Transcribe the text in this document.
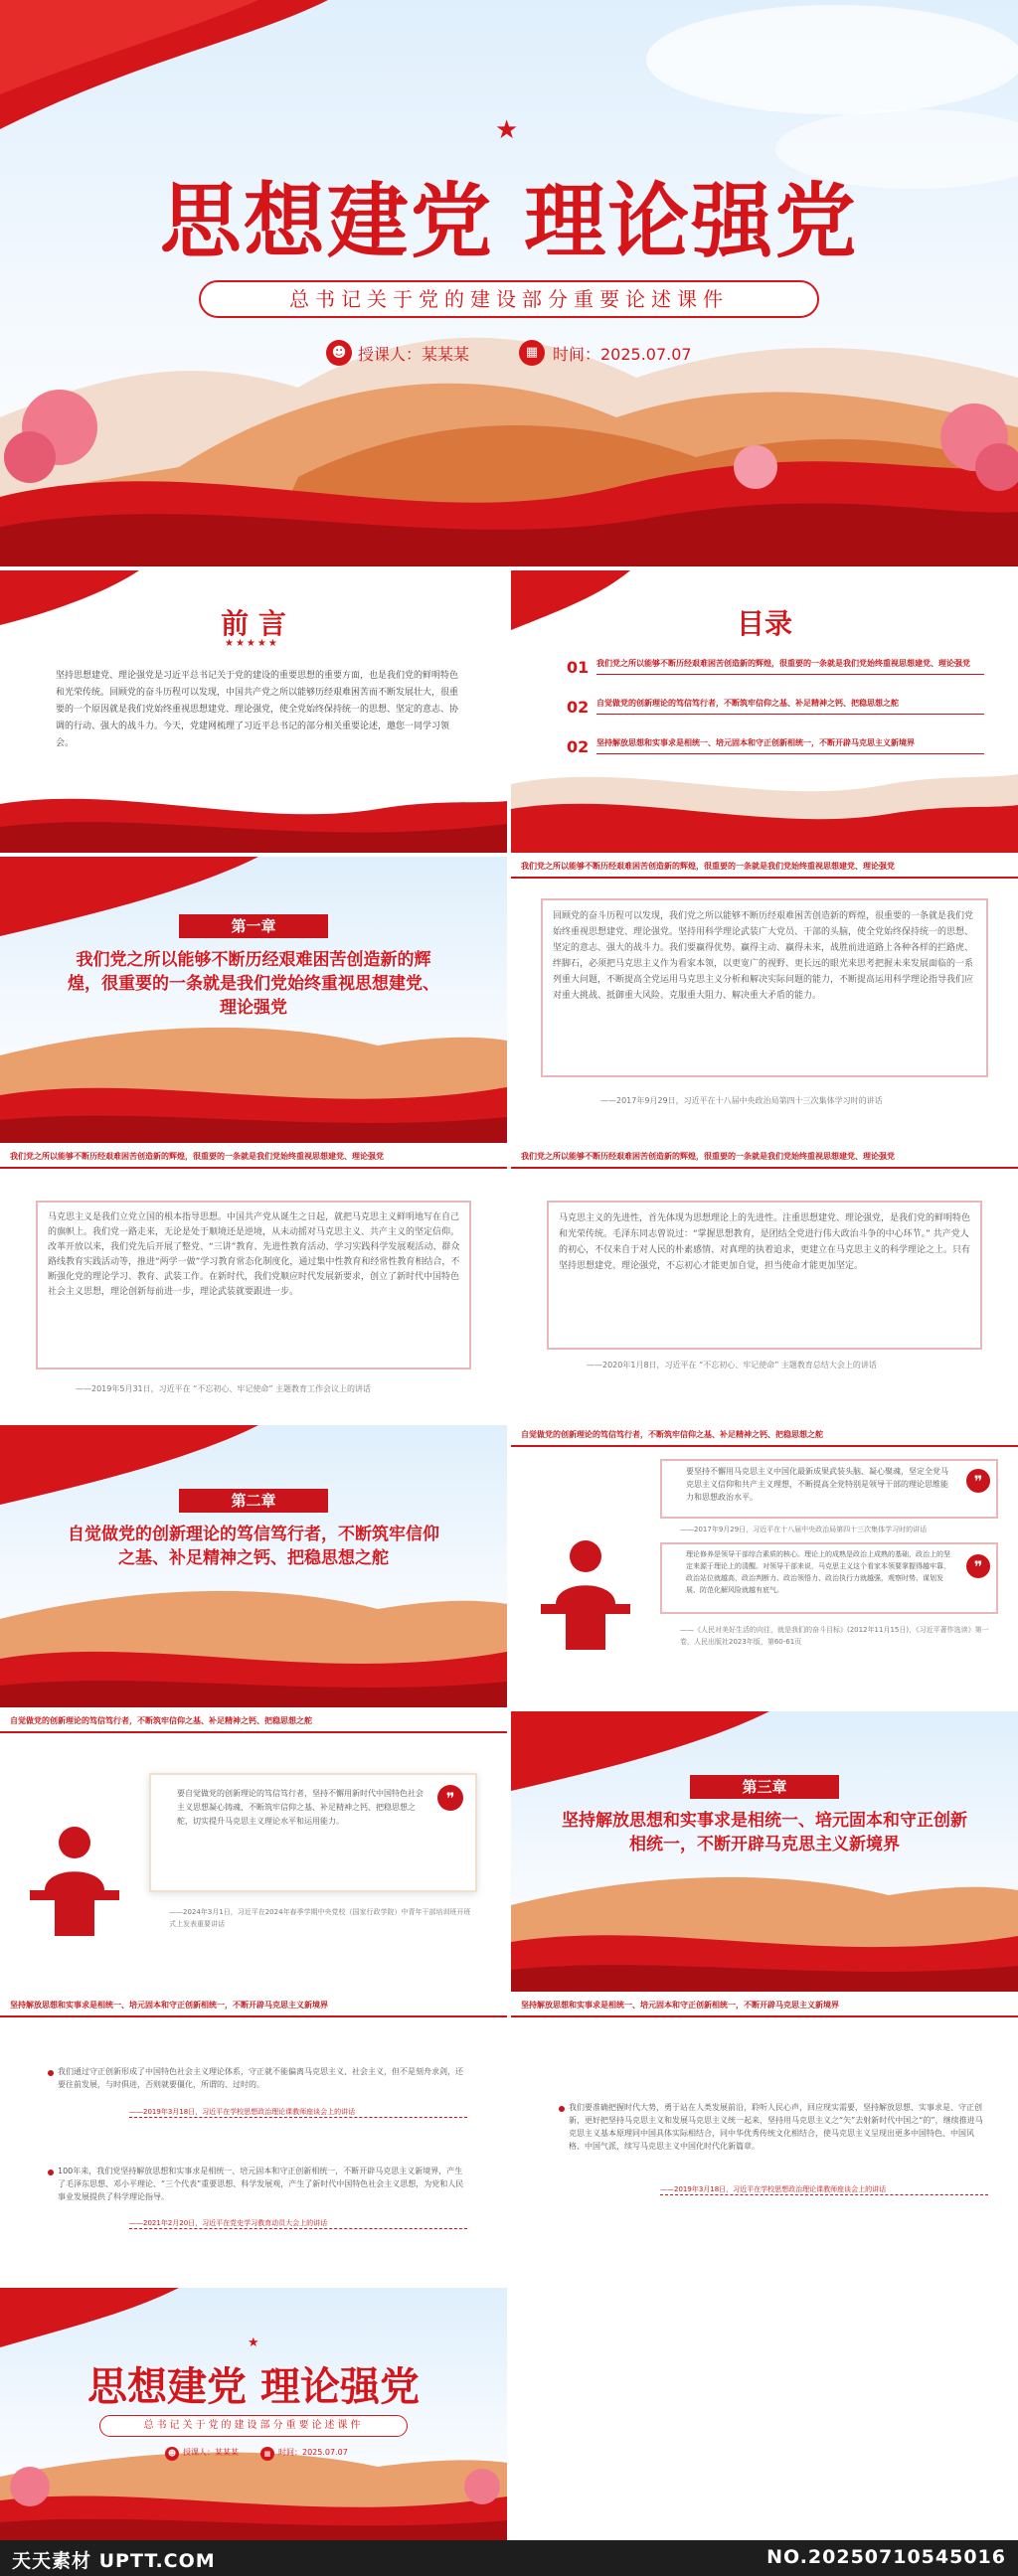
★
思想建党 理论强党
总书记关于党的建设部分重要论述课件
☻ 授课人：某某某	▦ 时间：2025.07.07
前 言
★★★★★
坚持思想建党、理论强党是习近平总书记关于党的建设的重要思想的重要方面，也是我们党的鲜明特色和光荣传统。回顾党的奋斗历程可以发现，中国共产党之所以能够历经艰难困苦而不断发展壮大，很重要的一个原因就是我们党始终重视思想建党、理论强党，使全党始终保持统一的思想、坚定的意志、协调的行动、强大的战斗力。今天，党建网梳理了习近平总书记的部分相关重要论述，邀您一同学习领会。
目录
01 我们党之所以能够不断历经艰难困苦创造新的辉煌，很重要的一条就是我们党始终重视思想建党、理论强党
02 自觉做党的创新理论的笃信笃行者，不断筑牢信仰之基、补足精神之钙、把稳思想之舵
02 坚持解放思想和实事求是相统一、培元固本和守正创新相统一，不断开辟马克思主义新境界
第一章
我们党之所以能够不断历经艰难困苦创造新的辉煌，很重要的一条就是我们党始终重视思想建党、理论强党
我们党之所以能够不断历经艰难困苦创造新的辉煌，很重要的一条就是我们党始终重视思想建党、理论强党
回顾党的奋斗历程可以发现，我们党之所以能够不断历经艰难困苦创造新的辉煌，很重要的一条就是我们党始终重视思想建党、理论强党。坚持用科学理论武装广大党员、干部的头脑，使全党始终保持统一的思想、坚定的意志、强大的战斗力。我们要赢得优势、赢得主动、赢得未来，战胜前进道路上各种各样的拦路虎、绊脚石，必须把马克思主义作为看家本领，以更宽广的视野、更长远的眼光来思考把握未来发展面临的一系列重大问题，不断提高全党运用马克思主义分析和解决实际问题的能力，不断提高运用科学理论指导我们应对重大挑战、抵御重大风险、克服重大阻力、解决重大矛盾的能力。
——2017年9月29日，习近平在十八届中央政治局第四十三次集体学习时的讲话
我们党之所以能够不断历经艰难困苦创造新的辉煌，很重要的一条就是我们党始终重视思想建党、理论强党
马克思主义是我们立党立国的根本指导思想。中国共产党从诞生之日起，就把马克思主义鲜明地写在自己的旗帜上。我们党一路走来，无论是处于顺境还是逆境，从未动摇对马克思主义、共产主义的坚定信仰。改革开放以来，我们党先后开展了整党、“三讲”教育、先进性教育活动、学习实践科学发展观活动、群众路线教育实践活动等，推进“两学一做”学习教育常态化制度化，通过集中性教育和经常性教育相结合，不断强化党的理论学习、教育、武装工作。在新时代，我们党顺应时代发展新要求，创立了新时代中国特色社会主义思想，理论创新每前进一步，理论武装就要跟进一步。
——2019年5月31日，习近平在 “不忘初心、牢记使命” 主题教育工作会议上的讲话
我们党之所以能够不断历经艰难困苦创造新的辉煌，很重要的一条就是我们党始终重视思想建党、理论强党
马克思主义的先进性，首先体现为思想理论上的先进性。注重思想建党、理论强党，是我们党的鲜明特色和光荣传统。毛泽东同志曾说过：“掌握思想教育，是团结全党进行伟大政治斗争的中心环节。” 共产党人的初心，不仅来自于对人民的朴素感情、对真理的执着追求，更建立在马克思主义的科学理论之上。只有坚持思想建党、理论强党，不忘初心才能更加自觉，担当使命才能更加坚定。
——2020年1月8日，习近平在 “不忘初心、牢记使命” 主题教育总结大会上的讲话
第二章
自觉做党的创新理论的笃信笃行者，不断筑牢信仰之基、补足精神之钙、把稳思想之舵
自觉做党的创新理论的笃信笃行者，不断筑牢信仰之基、补足精神之钙、把稳思想之舵
要坚持不懈用马克思主义中国化最新成果武装头脑、凝心聚魂，坚定全党马克思主义信仰和共产主义理想，不断提高全党特别是领导干部的理论思维能力和思想政治水平。
❞
——2017年9月29日，习近平在十八届中央政治局第四十三次集体学习时的讲话
理论修养是领导干部综合素质的核心。理论上的成熟是政治上成熟的基础，政治上的坚定来源于理论上的清醒。对领导干部来说，马克思主义这个看家本领要掌握得越牢靠，政治站位就越高，政治判断力、政治领悟力、政治执行力就越强，观察时势、谋划发展、防范化解风险就越有底气。
❞
——《人民对美好生活的向往，就是我们的奋斗目标》(2012年11月15日)，《习近平著作选读》第一卷，人民出版社2023年版，第60-61页
自觉做党的创新理论的笃信笃行者，不断筑牢信仰之基、补足精神之钙、把稳思想之舵
要自觉做党的创新理论的笃信笃行者，坚持不懈用新时代中国特色社会主义思想凝心铸魂，不断筑牢信仰之基、补足精神之钙、把稳思想之舵，切实提升马克思主义理论水平和运用能力。
❞
——2024年3月1日，习近平在2024年春季学期中央党校（国家行政学院）中青年干部培训班开班式上发表重要讲话
第三章
坚持解放思想和实事求是相统一、培元固本和守正创新相统一，不断开辟马克思主义新境界
坚持解放思想和实事求是相统一、培元固本和守正创新相统一，不断开辟马克思主义新境界
我们通过守正创新形成了中国特色社会主义理论体系，守正就不能偏离马克思主义、社会主义，但不是刻舟求剑，还要往前发展，与时俱进，否则就要僵化，所谓的、过时的。
——2019年3月18日，习近平在学校思想政治理论课教师座谈会上的讲话
100年来，我们党坚持解放思想和实事求是相统一、培元固本和守正创新相统一，不断开辟马克思主义新境界，产生了毛泽东思想、邓小平理论、“三个代表”重要思想、科学发展观，产生了新时代中国特色社会主义思想，为党和人民事业发展提供了科学理论指导。
——2021年2月20日，习近平在党史学习教育动员大会上的讲话
坚持解放思想和实事求是相统一、培元固本和守正创新相统一，不断开辟马克思主义新境界
我们要准确把握时代大势，勇于站在人类发展前沿，聆听人民心声，回应现实需要，坚持解放思想、实事求是、守正创新，更好把坚持马克思主义和发展马克思主义统一起来，坚持用马克思主义之“矢”去射新时代中国之“的”，继续推进马克思主义基本原理同中国具体实际相结合，同中华优秀传统文化相结合，使马克思主义呈现出更多中国特色、中国风格、中国气派，续写马克思主义中国化时代化新篇章。
——2019年3月18日，习近平在学校思想政治理论课教师座谈会上的讲话
★
思想建党 理论强党
总书记关于党的建设部分重要论述课件
☻ 授课人：某某某	▦ 时间：2025.07.07
天天素材 UPTT.COM	NO.20250710545016
